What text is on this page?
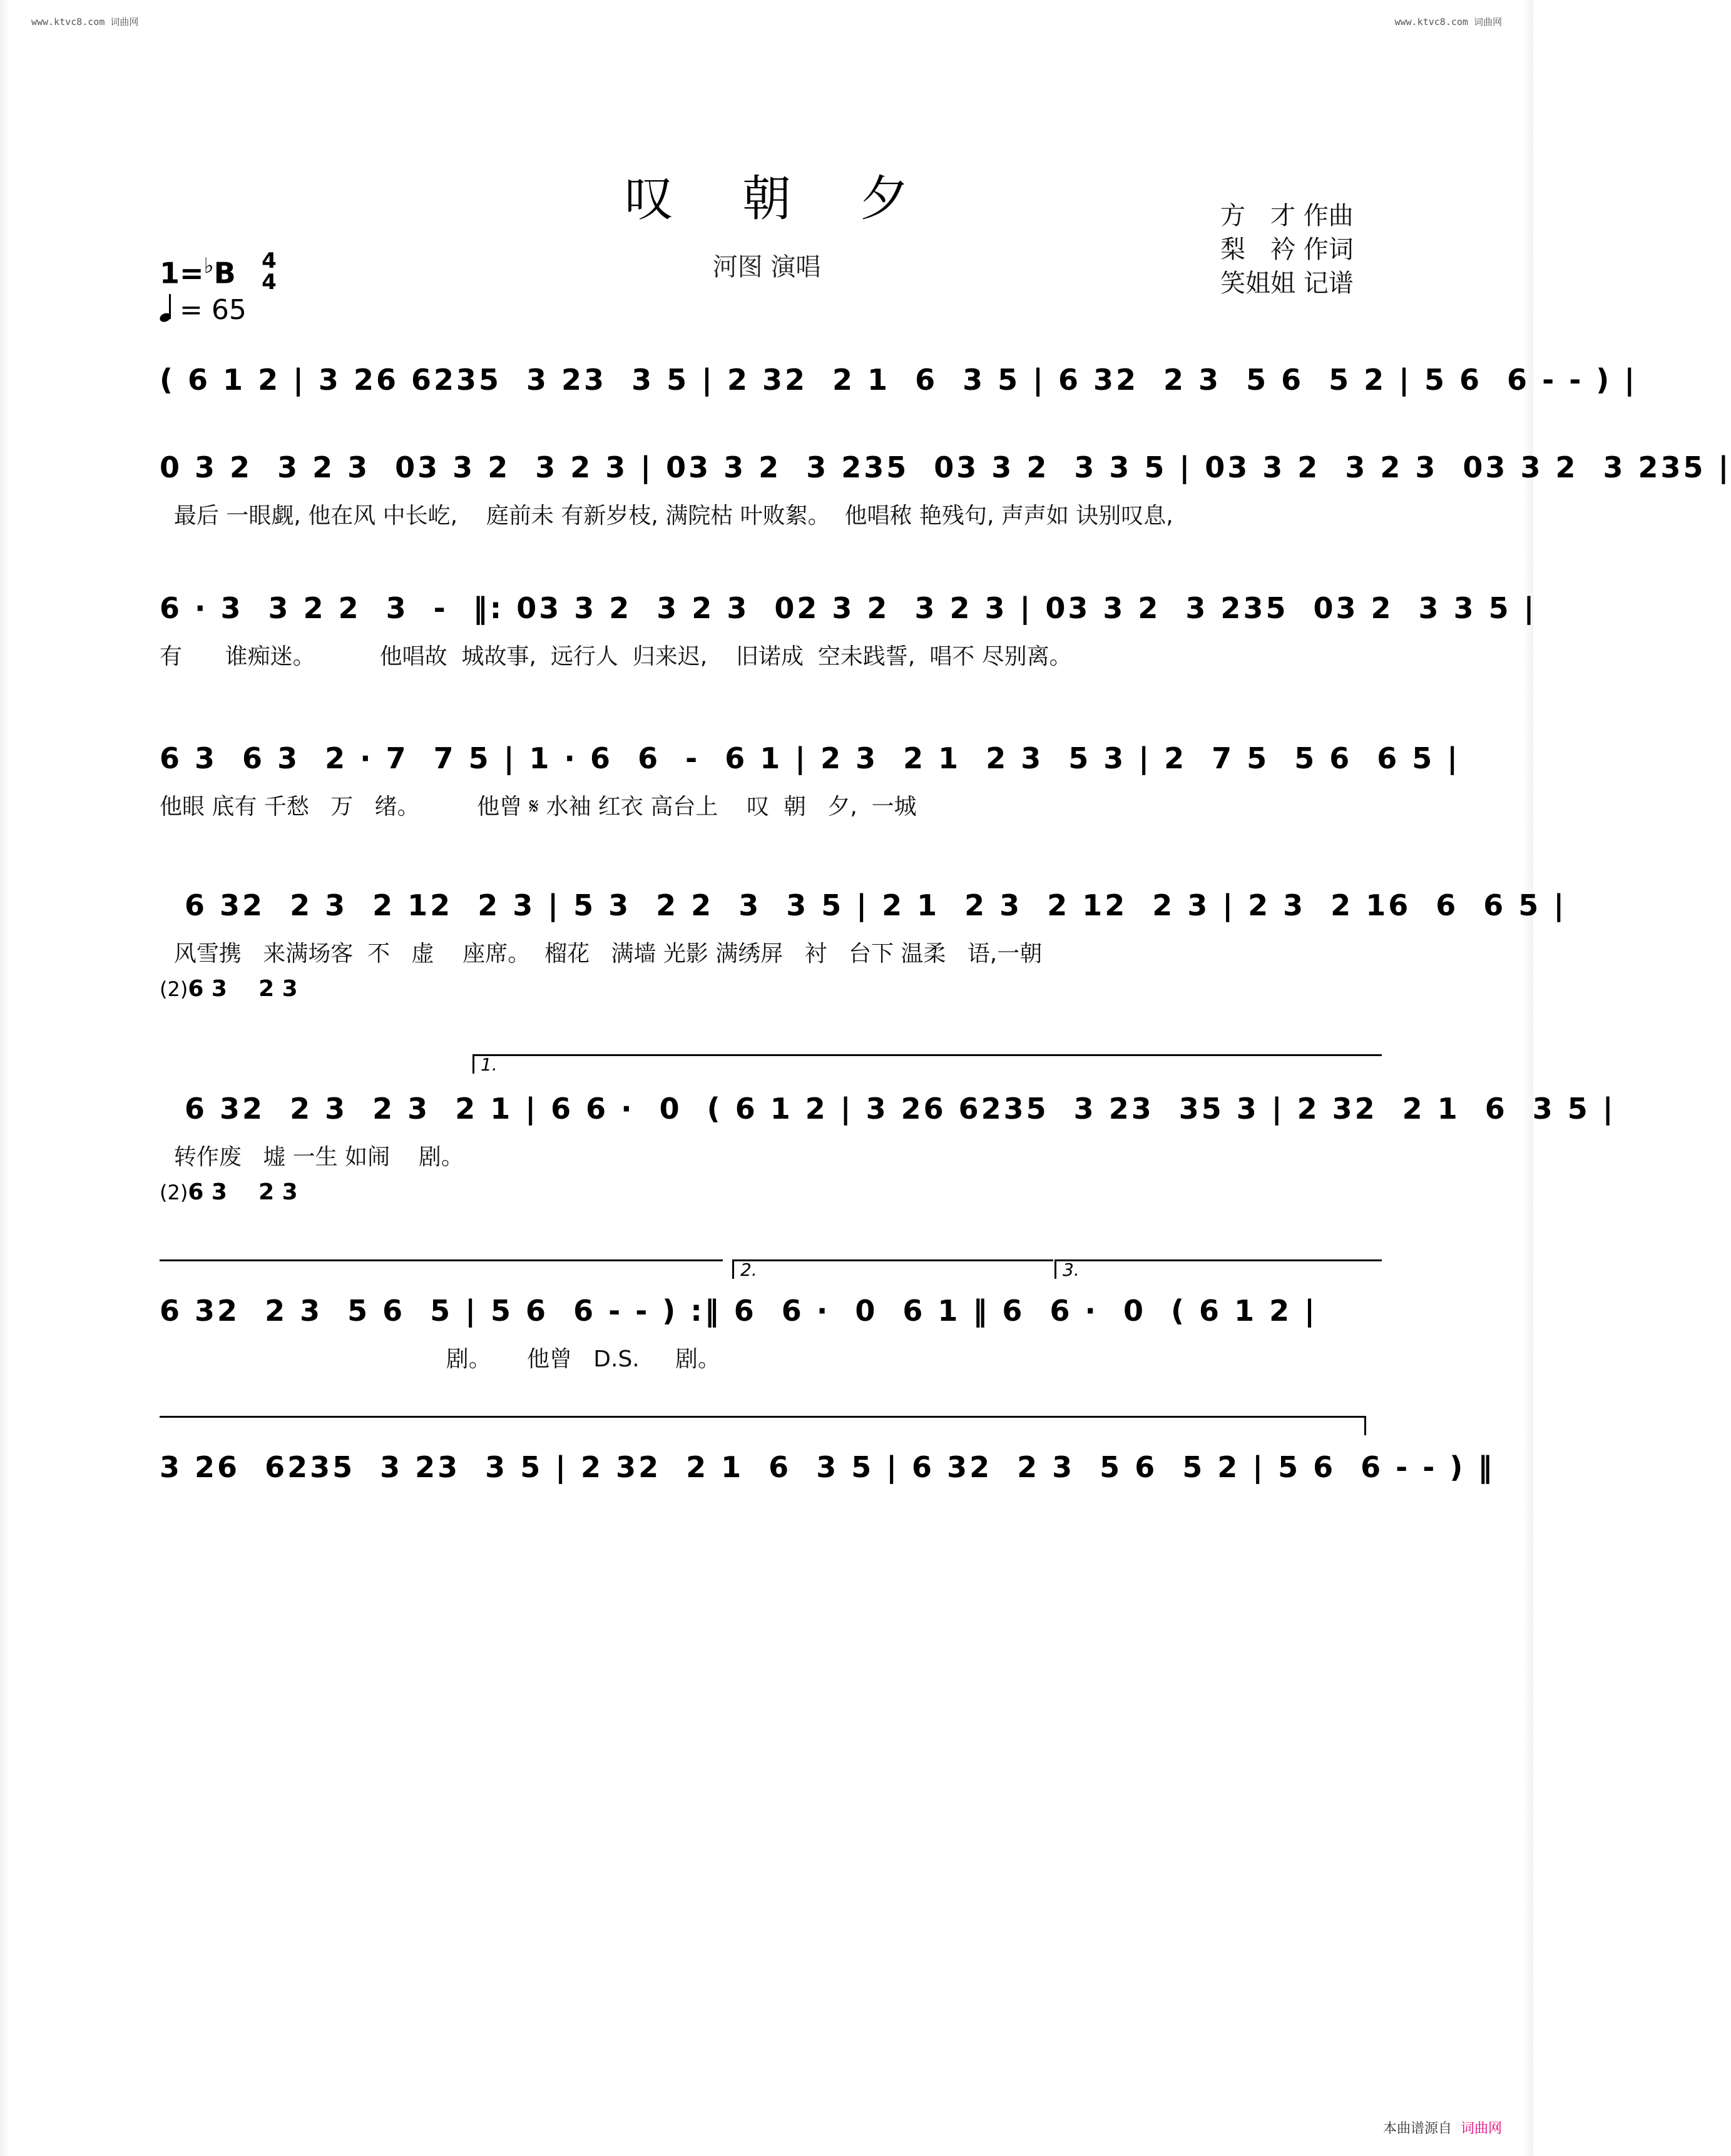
www.ktvc8.com 词曲网	www.ktvc8.com 词曲网
叹朝夕
河图 演唱
方　才 作曲
梨　衿 作词
笑姐姐 记谱
1=♭B 4
4
= 65
( 6 1 2 | 3 26 6235  3 23  3 5 | 2 32  2 1  6  3 5 | 6 32  2 3  5 6  5 2 | 5 6  6 - - ) |
0 3 2  3 2 3  03 3 2  3 2 3 | 03 3 2  3 235  03 3 2  3 3 5 | 03 3 2  3 2 3  03 3 2  3 235 |
最后 一眼觑, 他在风 中长屹,    庭前未 有新岁枝, 满院枯 叶败絮。  他唱秾 艳残句, 声声如 诀别叹息,
6 · 3  3 2 2  3  -  ‖: 03 3 2  3 2 3  02 3 2  3 2 3 | 03 3 2  3 235  03 2  3 3 5 |
有      谁痴迷。         他唱故  城故事,  远行人  归来迟,    旧诺成  空未践誓,  唱不 尽别离。
6 3  6 3  2 · 7  7 5 | 1 · 6  6  -  6 1 | 2 3  2 1  2 3  5 3 | 2  7 5  5 6  6 5 |
他眼 底有 千愁   万   绪。        他曾 𝄋 水袖 红衣 高台上    叹  朝   夕,  一城
6 32  2 3  2 12  2 3 | 5 3  2 2  3  3 5 | 2 1  2 3  2 12  2 3 | 2 3  2 16  6  6 5 |
风雪携   来满场客  不   虚    座席。  榴花   满墙 光影 满绣屏   衬   台下 温柔   语,一朝
(2)6 3    2 3
1.
6 32  2 3  2 3  2 1 | 6 6 ·  0  ( 6 1 2 | 3 26 6235  3 23  35 3 | 2 32  2 1  6  3 5 |
转作废   墟 一生 如闹    剧。
(2)6 3    2 3
2.	3.
6 32  2 3  5 6  5 | 5 6  6 - - ) :‖ 6  6 ·  0  6 1 ‖ 6  6 ·  0  ( 6 1 2 |
剧。     他曾   D.S.     剧。
3 26  6235  3 23  3 5 | 2 32  2 1  6  3 5 | 6 32  2 3  5 6  5 2 | 5 6  6 - - ) ‖
本曲谱源自 词曲网
